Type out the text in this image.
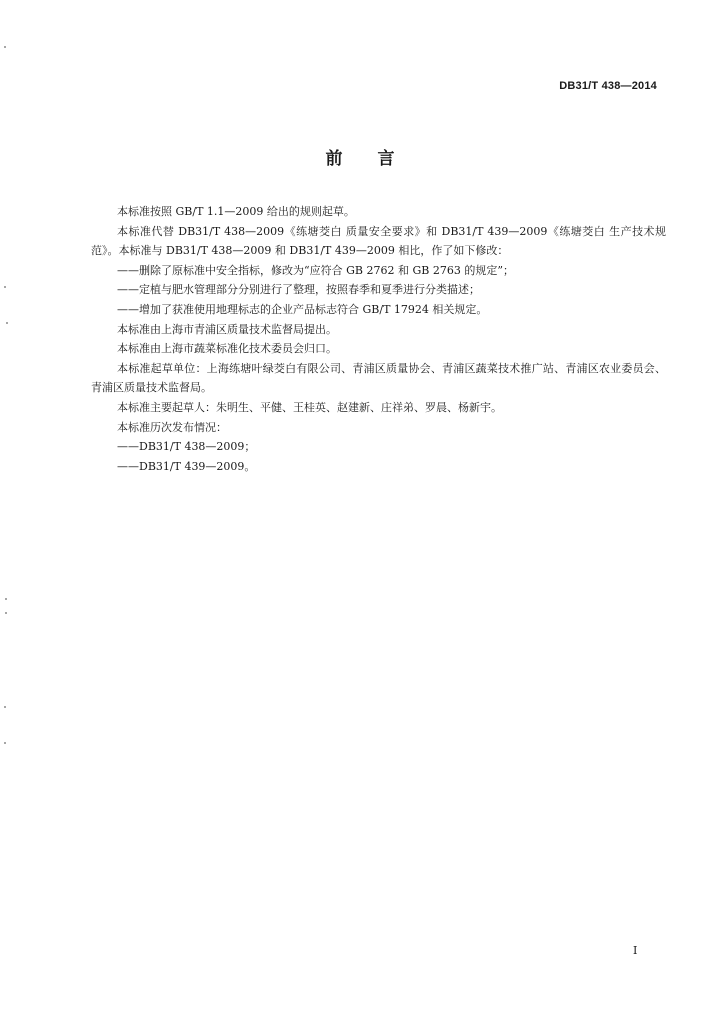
DB31/T 438—2014
前 言

本标准按照 GB/T 1.1—2009 给出的规则起草。

本标准代替 DB31/T 438—2009《练塘茭白 质量安全要求》和 DB31/T 439—2009《练塘茭白 生产技术规范》。本标准与 DB31/T 438—2009 和 DB31/T 439—2009 相比，作了如下修改：

——删除了原标准中安全指标，修改为“应符合 GB 2762 和 GB 2763 的规定”；

——定植与肥水管理部分分别进行了整理，按照春季和夏季进行分类描述；

——增加了获准使用地理标志的企业产品标志符合 GB/T 17924 相关规定。

本标准由上海市青浦区质量技术监督局提出。

本标准由上海市蔬菜标准化技术委员会归口。

本标准起草单位：上海练塘叶绿茭白有限公司、青浦区质量协会、青浦区蔬菜技术推广站、青浦区农业委员会、青浦区质量技术监督局。

本标准主要起草人：朱明生、平健、王桂英、赵建新、庄祥弟、罗晨、杨新宇。

本标准历次发布情况：

——DB31/T 438—2009；

——DB31/T 439—2009。

I
